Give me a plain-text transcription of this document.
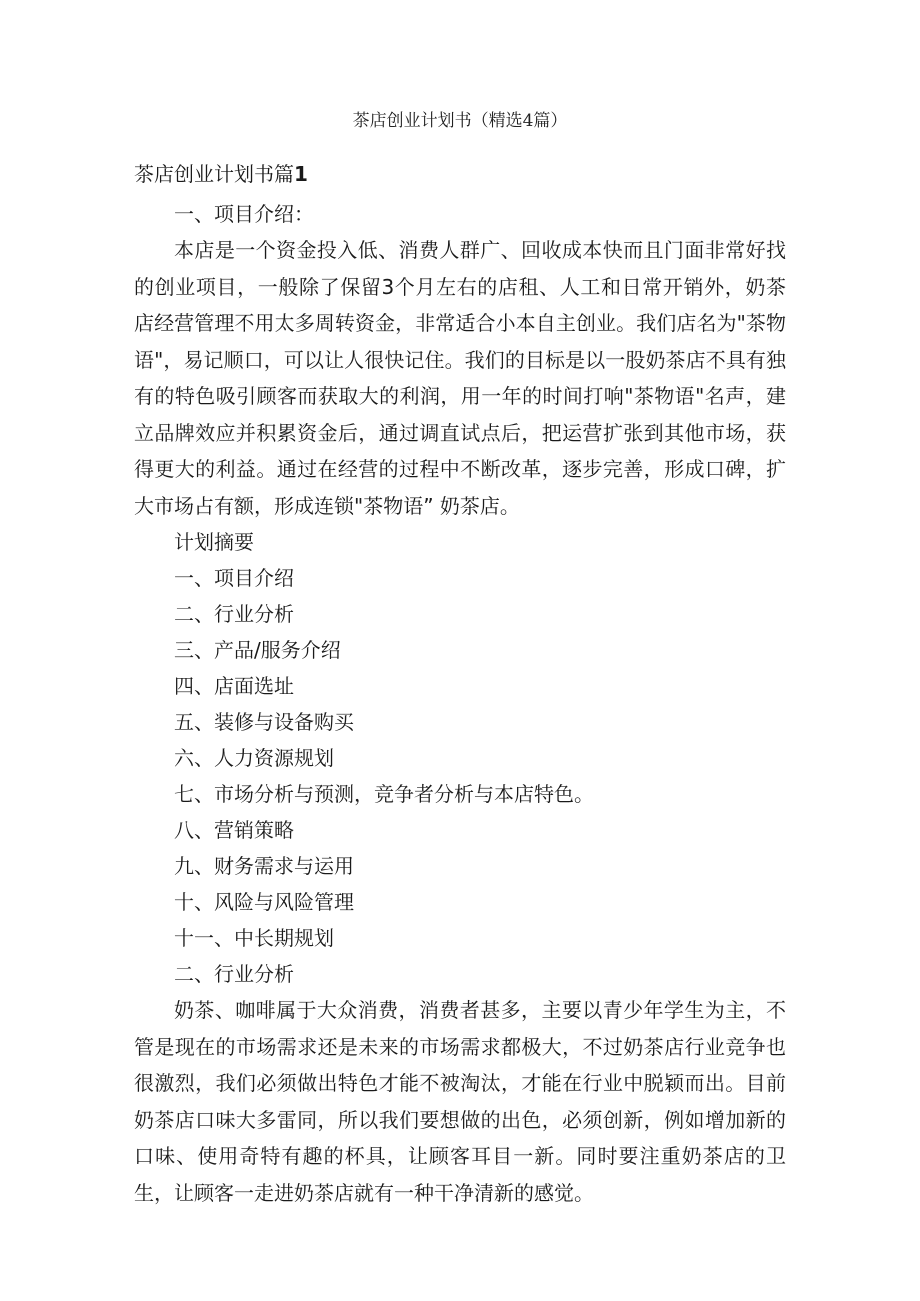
茶店创业计划书（精选4篇）
茶店创业计划书篇1

一、项目介绍：

本店是一个资金投入低、消费人群广、回收成本快而且门面非常好找的创业项目，一般除了保留3个月左右的店租、人工和日常开销外，奶茶店经营管理不用太多周转资金，非常适合小本自主创业。我们店名为"茶物语"，易记顺口，可以让人很快记住。我们的目标是以一股奶茶店不具有独有的特色吸引顾客而获取大的利润，用一年的时间打响"茶物语"名声，建立品牌效应并积累资金后，通过调直试点后，把运营扩张到其他市场，获得更大的利益。通过在经营的过程中不断改革，逐步完善，形成口碑，扩大市场占有额，形成连锁"茶物语” 奶茶店。

计划摘要

一、项目介绍

二、行业分析

三、产品/服务介绍

四、店面选址

五、装修与设备购买

六、人力资源规划

七、市场分析与预测，竞争者分析与本店特色。

八、营销策略

九、财务需求与运用

十、风险与风险管理

十一、中长期规划

二、行业分析

奶茶、咖啡属于大众消费，消费者甚多，主要以青少年学生为主，不管是现在的市场需求还是未来的市场需求都极大，不过奶茶店行业竞争也很激烈，我们必须做出特色才能不被淘汰，才能在行业中脱颖而出。目前奶茶店口味大多雷同，所以我们要想做的出色，必须创新，例如增加新的口味、使用奇特有趣的杯具，让顾客耳目一新。同时要注重奶茶店的卫生，让顾客一走进奶茶店就有一种干净清新的感觉。
